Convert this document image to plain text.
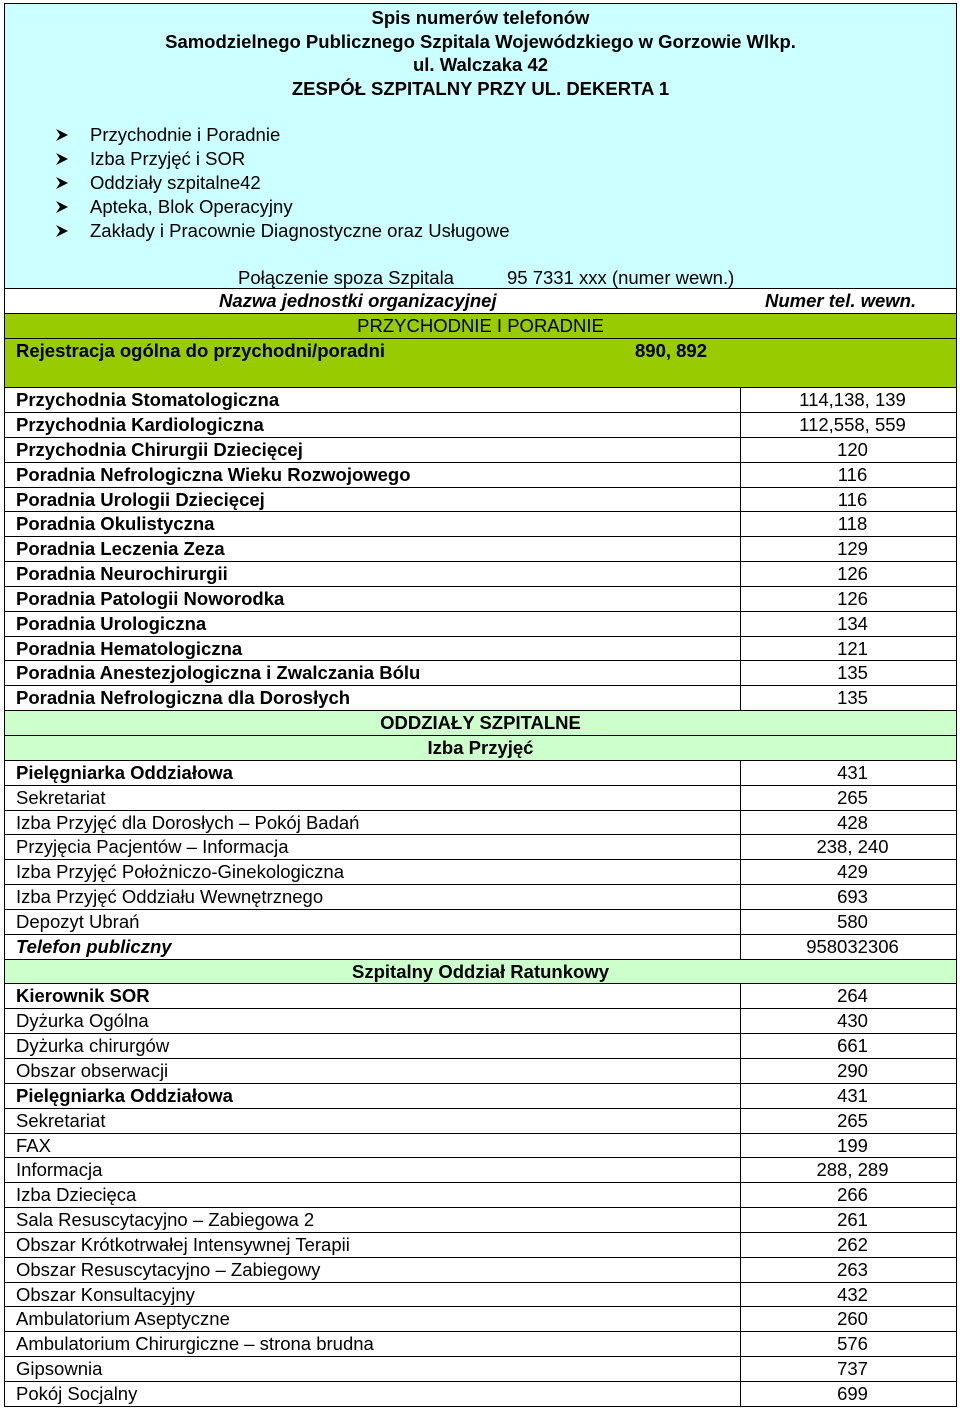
Spis numerów telefonów
Samodzielnego Publicznego Szpitala Wojewódzkiego w Gorzowie Wlkp.
ul. Walczaka 42
ZESPÓŁ SZPITALNY PRZY UL. DEKERTA 1
Przychodnie i Poradnie
Izba Przyjęć i SOR
Oddziały szpitalne42
Apteka, Blok Operacyjny
Zakłady i Pracownie Diagnostyczne oraz Usługowe
Połączenie spoza Szpitala	95 7331 xxx (numer wewn.)
Nazwa jednostki organizacyjnej	Numer tel. wewn.
PRZYCHODNIE I PORADNIE
Rejestracja ogólna do przychodni/poradni	890, 892
Przychodnia Stomatologiczna	114,138, 139
Przychodnia Kardiologiczna	112,558, 559
Przychodnia Chirurgii Dziecięcej	120
Poradnia Nefrologiczna Wieku Rozwojowego	116
Poradnia Urologii Dziecięcej	116
Poradnia Okulistyczna	118
Poradnia Leczenia Zeza	129
Poradnia Neurochirurgii	126
Poradnia Patologii Noworodka	126
Poradnia Urologiczna	134
Poradnia Hematologiczna	121
Poradnia Anestezjologiczna i Zwalczania Bólu	135
Poradnia Nefrologiczna dla Dorosłych	135
ODDZIAŁY SZPITALNE
Izba Przyjęć
Pielęgniarka Oddziałowa	431
Sekretariat	265
Izba Przyjęć dla Dorosłych – Pokój Badań	428
Przyjęcia Pacjentów – Informacja	238, 240
Izba Przyjęć Położniczo-Ginekologiczna	429
Izba Przyjęć Oddziału Wewnętrznego	693
Depozyt Ubrań	580
Telefon publiczny	958032306
Szpitalny Oddział Ratunkowy
Kierownik SOR	264
Dyżurka Ogólna	430
Dyżurka chirurgów	661
Obszar obserwacji	290
Pielęgniarka Oddziałowa	431
Sekretariat	265
FAX	199
Informacja	288, 289
Izba Dziecięca	266
Sala Resuscytacyjno – Zabiegowa 2	261
Obszar Krótkotrwałej Intensywnej Terapii	262
Obszar Resuscytacyjno – Zabiegowy	263
Obszar Konsultacyjny	432
Ambulatorium Aseptyczne	260
Ambulatorium Chirurgiczne – strona brudna	576
Gipsownia	737
Pokój Socjalny	699
